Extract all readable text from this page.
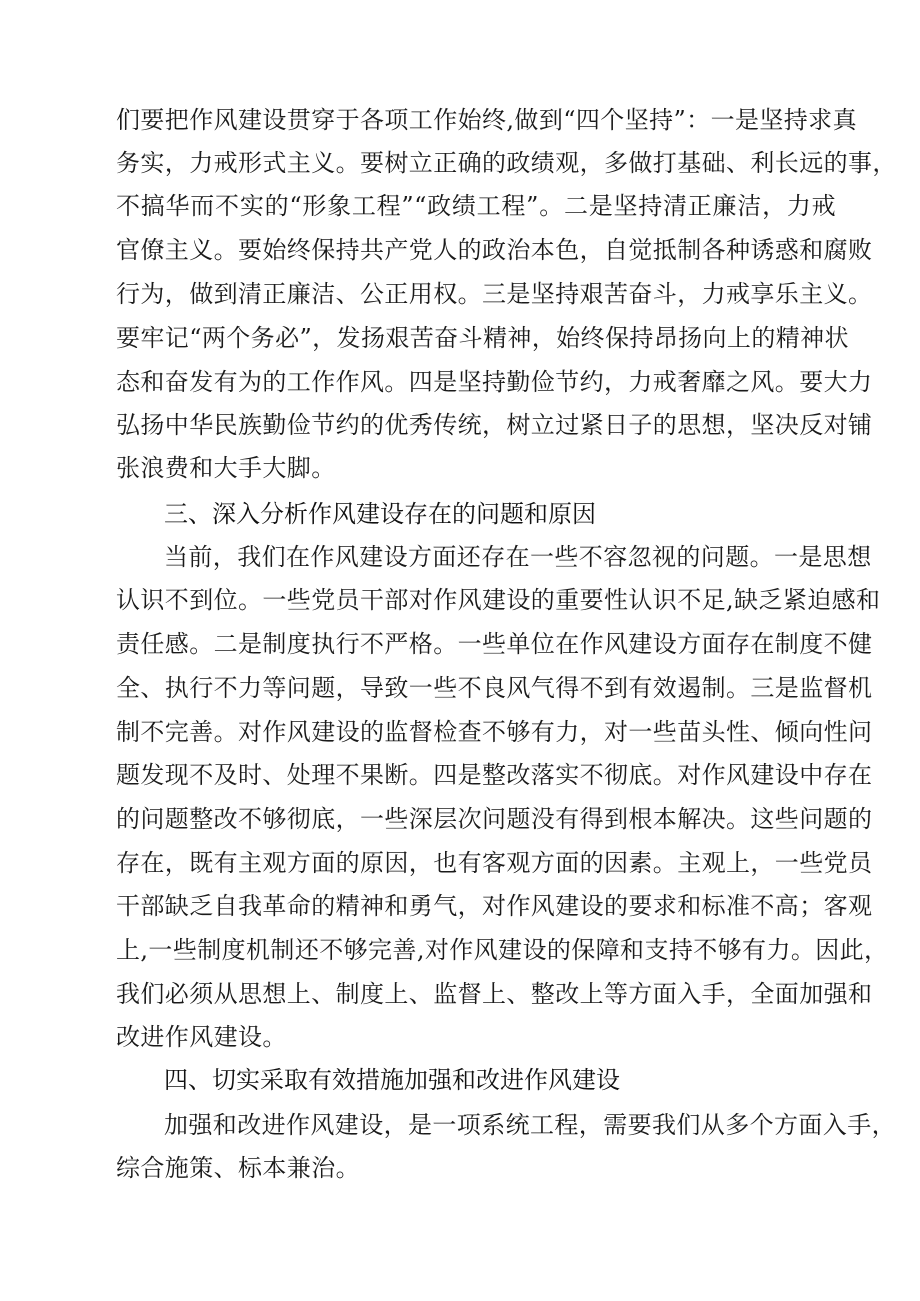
们要把作风建设贯穿于各项工作始终,做到“四个坚持”：一是坚持求真
务实，力戒形式主义。要树立正确的政绩观，多做打基础、利长远的事，
不搞华而不实的“形象工程”“政绩工程”。二是坚持清正廉洁，力戒
官僚主义。要始终保持共产党人的政治本色，自觉抵制各种诱惑和腐败
行为，做到清正廉洁、公正用权。三是坚持艰苦奋斗，力戒享乐主义。
要牢记“两个务必”，发扬艰苦奋斗精神，始终保持昂扬向上的精神状
态和奋发有为的工作作风。四是坚持勤俭节约，力戒奢靡之风。要大力
弘扬中华民族勤俭节约的优秀传统，树立过紧日子的思想，坚决反对铺
张浪费和大手大脚。
三、深入分析作风建设存在的问题和原因
当前，我们在作风建设方面还存在一些不容忽视的问题。一是思想
认识不到位。一些党员干部对作风建设的重要性认识不足,缺乏紧迫感和
责任感。二是制度执行不严格。一些单位在作风建设方面存在制度不健
全、执行不力等问题，导致一些不良风气得不到有效遏制。三是监督机
制不完善。对作风建设的监督检查不够有力，对一些苗头性、倾向性问
题发现不及时、处理不果断。四是整改落实不彻底。对作风建设中存在
的问题整改不够彻底，一些深层次问题没有得到根本解决。这些问题的
存在，既有主观方面的原因，也有客观方面的因素。主观上，一些党员
干部缺乏自我革命的精神和勇气，对作风建设的要求和标准不高；客观
上,一些制度机制还不够完善,对作风建设的保障和支持不够有力。因此，
我们必须从思想上、制度上、监督上、整改上等方面入手，全面加强和
改进作风建设。
四、切实采取有效措施加强和改进作风建设
加强和改进作风建设，是一项系统工程，需要我们从多个方面入手，
综合施策、标本兼治。
